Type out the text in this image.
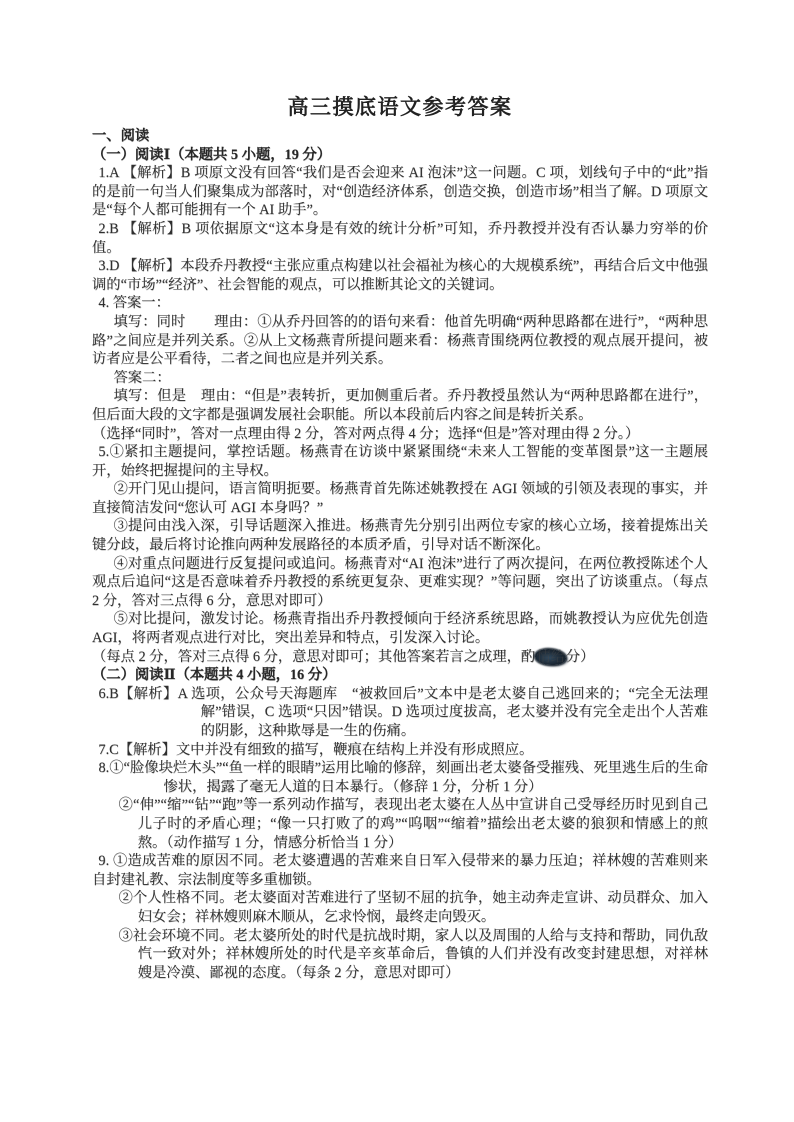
高三摸底语文参考答案

一、阅读

（一）阅读Ⅰ（本题共 5 小题，19 分）

1.A 【解析】B 项原文没有回答“我们是否会迎来 AI 泡沫”这一问题。C 项，划线句子中的“此”指的是前一句当人们聚集成为部落时，对“创造经济体系，创造交换，创造市场”相当了解。D 项原文是“每个人都可能拥有一个 AI 助手”。

2.B 【解析】B 项依据原文“这本身是有效的统计分析”可知，乔丹教授并没有否认暴力穷举的价值。

3.D 【解析】本段乔丹教授“主张应重点构建以社会福祉为核心的大规模系统”，再结合后文中他强调的“市场”“经济”、社会智能的观点，可以推断其论文的关键词。

4. 答案一：

填写：同时　　理由：①从乔丹回答的的语句来看：他首先明确“两种思路都在进行”，“两种思路”之间应是并列关系。②从上文杨燕青所提问题来看：杨燕青围绕两位教授的观点展开提问，被访者应是公平看待，二者之间也应是并列关系。

答案二：

填写：但是　理由：“但是”表转折，更加侧重后者。乔丹教授虽然认为“两种思路都在进行”，但后面大段的文字都是强调发展社会职能。所以本段前后内容之间是转折关系。

（选择“同时”，答对一点理由得 2 分，答对两点得 4 分；选择“但是”答对理由得 2 分。）

5.①紧扣主题提问，掌控话题。杨燕青在访谈中紧紧围绕“未来人工智能的变革图景”这一主题展开，始终把握提问的主导权。

②开门见山提问，语言简明扼要。杨燕青首先陈述姚教授在 AGI 领域的引领及表现的事实，并直接简洁发问“您认可 AGI 本身吗？”

③提问由浅入深，引导话题深入推进。杨燕青先分别引出两位专家的核心立场，接着提炼出关键分歧，最后将讨论推向两种发展路径的本质矛盾，引导对话不断深化。

④对重点问题进行反复提问或追问。杨燕青对“AI 泡沫”进行了两次提问，在两位教授陈述个人观点后追问“这是否意味着乔丹教授的系统更复杂、更难实现？”等问题，突出了访谈重点。（每点 2 分，答对三点得 6 分，意思对即可）

⑤对比提问，激发讨论。杨燕青指出乔丹教授倾向于经济系统思路，而姚教授认为应优先创造 AGI，将两者观点进行对比，突出差异和特点，引发深入讨论。

（每点 2 分，答对三点得 6 分，意思对即可；其他答案若言之成理，酌情给分）

（二）阅读Ⅱ（本题共 4 小题，16 分）

6.B【解析】A 选项，公众号天海题库　“被救回后”文本中是老太婆自己逃回来的；“完全无法理解”错误，C 选项“只因”错误。D 选项过度拔高，老太婆并没有完全走出个人苦难的阴影，这种欺辱是一生的伤痛。

7.C【解析】文中并没有细致的描写，鞭痕在结构上并没有形成照应。

8.①“脸像块烂木头”“鱼一样的眼睛”运用比喻的修辞，刻画出老太婆备受摧残、死里逃生后的生命惨状，揭露了毫无人道的日本暴行。（修辞 1 分，分析 1 分）

②“伸”“缩”“钻”“跑”等一系列动作描写，表现出老太婆在人丛中宣讲自己受辱经历时见到自己儿子时的矛盾心理；“像一只打败了的鸡”“呜咽”“缩着”描绘出老太婆的狼狈和情感上的煎熬。（动作描写 1 分，情感分析恰当 1 分）

9. ①造成苦难的原因不同。老太婆遭遇的苦难来自日军入侵带来的暴力压迫；祥林嫂的苦难则来自封建礼教、宗法制度等多重枷锁。

②个人性格不同。老太婆面对苦难进行了坚韧不屈的抗争，她主动奔走宣讲、动员群众、加入妇女会；祥林嫂则麻木顺从，乞求怜悯，最终走向毁灭。

③社会环境不同。老太婆所处的时代是抗战时期，家人以及周围的人给与支持和帮助，同仇敌忾一致对外；祥林嫂所处的时代是辛亥革命后，鲁镇的人们并没有改变封建思想，对祥林嫂是冷漠、鄙视的态度。（每条 2 分，意思对即可）
